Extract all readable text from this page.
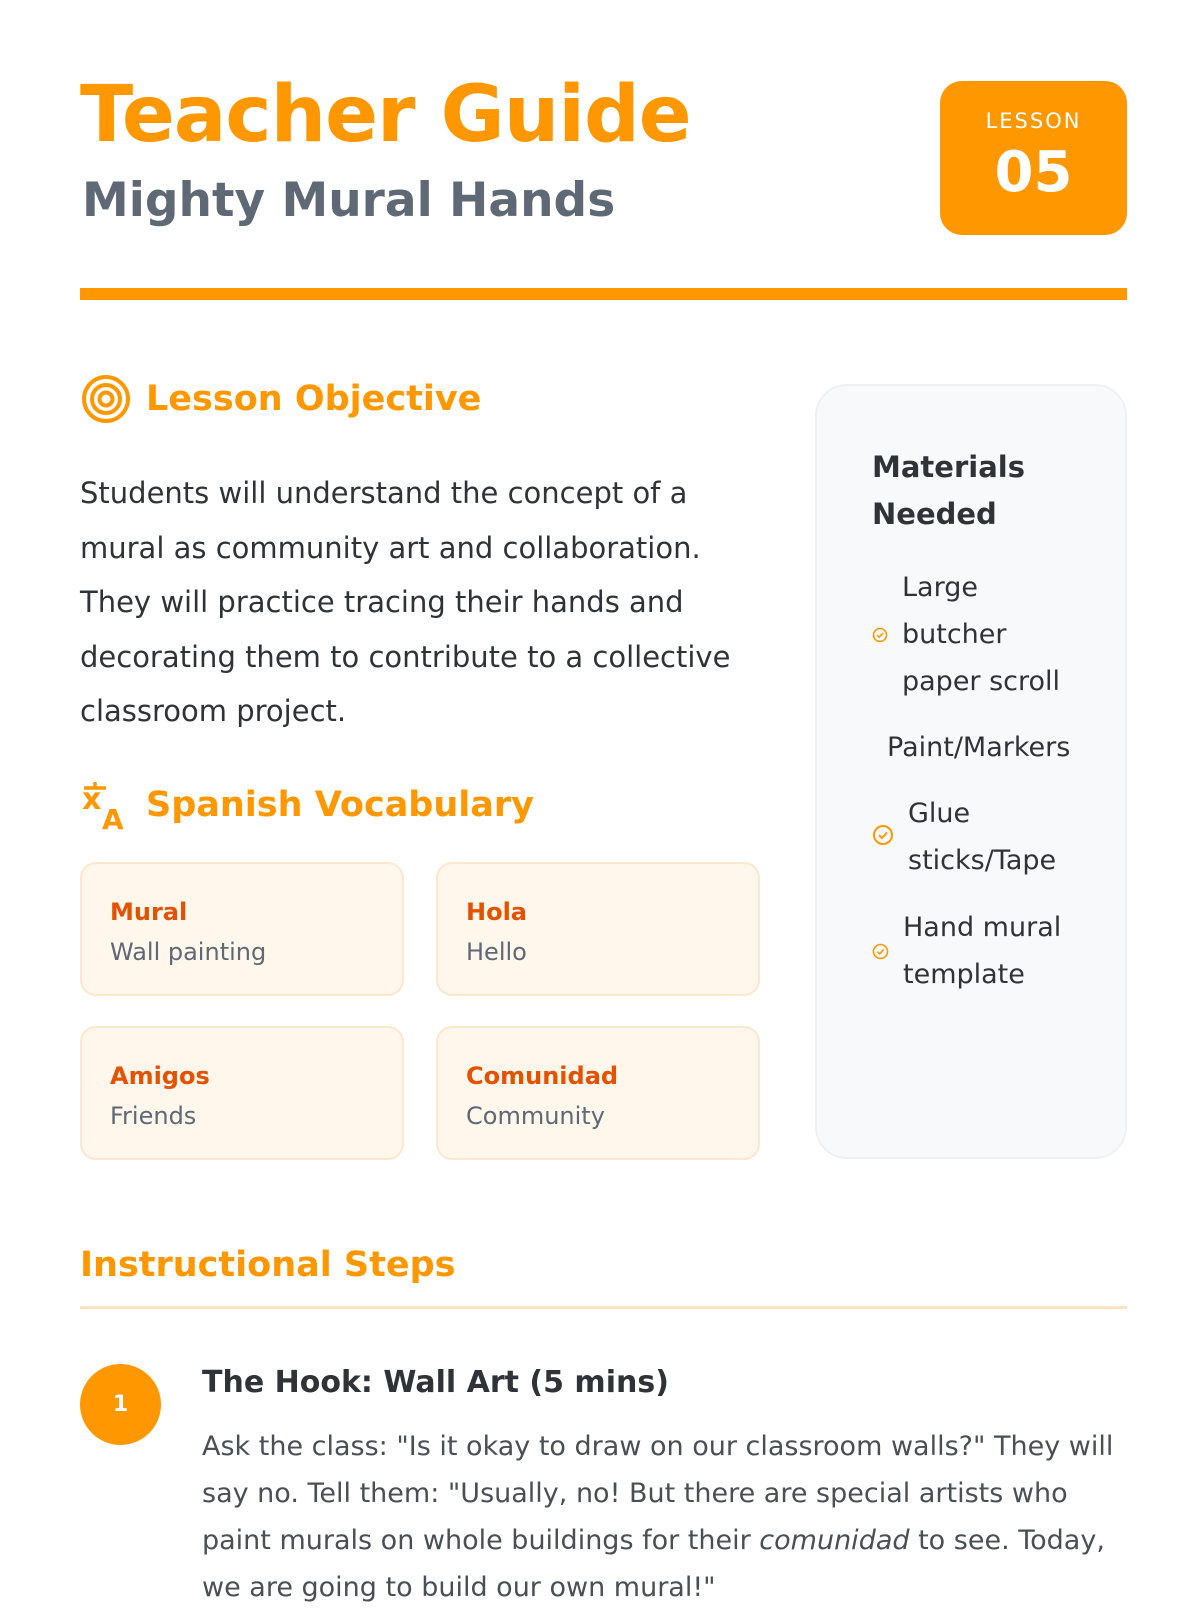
Teacher Guide
Mighty Mural Hands
LESSON
05
Lesson Objective
Students will understand the concept of a mural as community art and collaboration. They will practice tracing their hands and decorating them to contribute to a collective classroom project.
x
A Spanish Vocabulary
Mural
Wall painting
Hola
Hello
Amigos
Friends
Comunidad
Community
Materials Needed
Large butcher paper scroll
Paint/Markers
Glue sticks/Tape
Hand mural template
Instructional Steps
1
The Hook: Wall Art (5 mins)
Ask the class: "Is it okay to draw on our classroom walls?" They will say no. Tell them: "Usually, no! But there are special artists who paint murals on whole buildings for their comunidad to see. Today, we are going to build our own mural!"
